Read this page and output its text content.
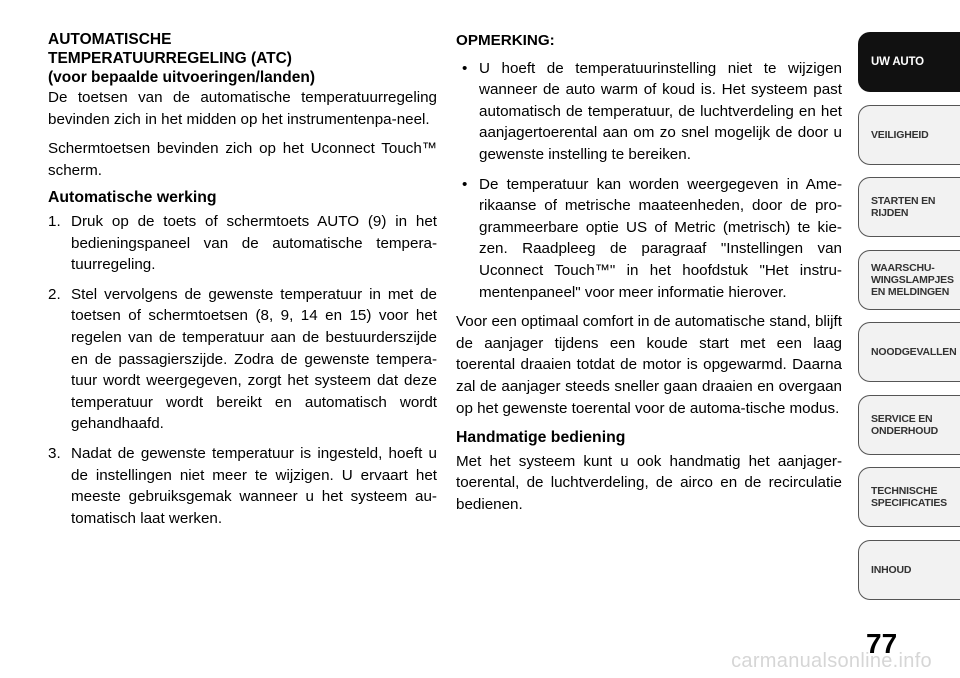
AUTOMATISCHE
TEMPERATUURREGELING (ATC)
(voor bepaalde uitvoeringen/landen)

De toetsen van de automatische temperatuurregeling bevinden zich in het midden op het instrumentenpa-neel.

Schermtoetsen bevinden zich op het Uconnect Touch™ scherm.

Automatische werking
1. Druk op de toets of schermtoets AUTO (9) in het bedieningspaneel van de automatische tempera-tuurregeling.
2. Stel vervolgens de gewenste temperatuur in met de toetsen of schermtoetsen (8, 9, 14 en 15) voor het regelen van de temperatuur aan de bestuurderszijde en de passagierszijde. Zodra de gewenste tempera-tuur wordt weergegeven, zorgt het systeem dat deze temperatuur wordt bereikt en automatisch wordt gehandhaafd.
3. Nadat de gewenste temperatuur is ingesteld, hoeft u de instellingen niet meer te wijzigen. U ervaart het meeste gebruiksgemak wanneer u het systeem au-tomatisch laat werken.

OPMERKING:

• U hoeft de temperatuurinstelling niet te wijzigen wanneer de auto warm of koud is. Het systeem past automatisch de temperatuur, de luchtverdeling en het aanjagertoerental aan om zo snel mogelijk de door u gewenste instelling te bereiken.
• De temperatuur kan worden weergegeven in Ame-rikaanse of metrische maateenheden, door de pro-grammeerbare optie US of Metric (metrisch) te kie-zen. Raadpleeg de paragraaf "Instellingen van Uconnect Touch™" in het hoofdstuk "Het instru-mentenpaneel" voor meer informatie hierover.

Voor een optimaal comfort in de automatische stand, blijft de aanjager tijdens een koude start met een laag toerental draaien totdat de motor is opgewarmd. Daarna zal de aanjager steeds sneller gaan draaien en overgaan op het gewenste toerental voor de automa-tische modus.

Handmatige bediening

Met het systeem kunt u ook handmatig het aanjager-toerental, de luchtverdeling, de airco en de recirculatie bedienen.

UW AUTO
VEILIGHEID
STARTEN EN
RIJDEN
WAARSCHU-
WINGSLAMPJES
EN MELDINGEN
NOODGEVALLEN
SERVICE EN
ONDERHOUD
TECHNISCHE
SPECIFICATIES
INHOUD
77
carmanualsonline.info
